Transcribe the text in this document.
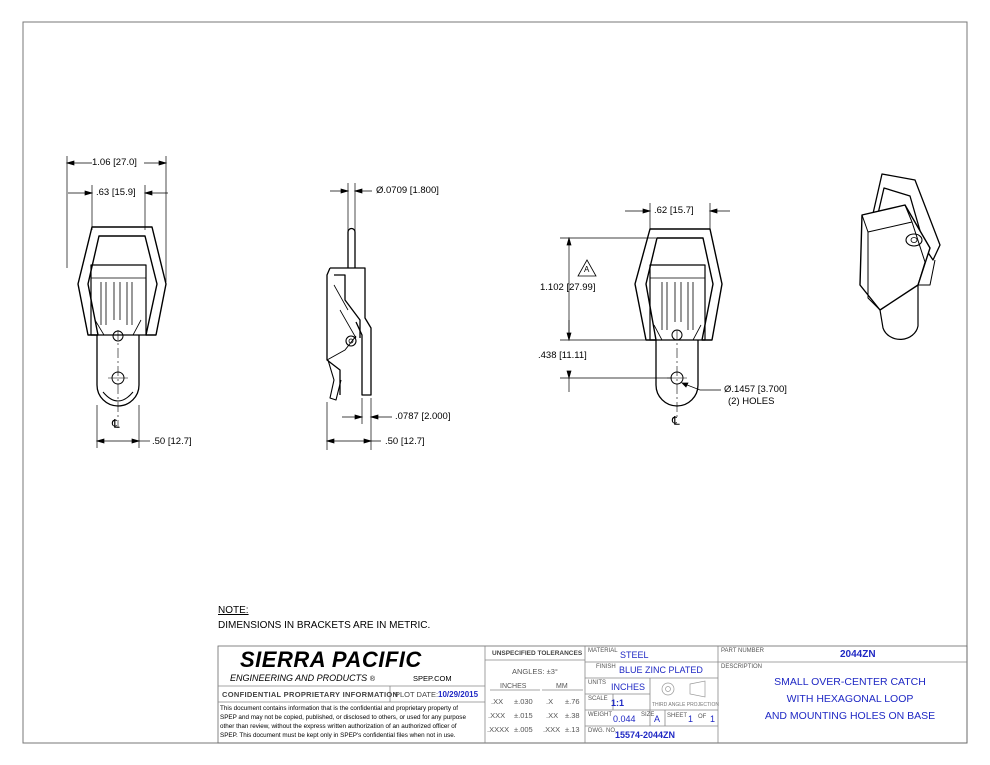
1.06 [27.0]
.63 [15.9]
.50 [12.7]
℄
Ø.0709 [1.800]
.0787 [2.000]
.50 [12.7]
.62 [15.7]
1.102 [27.99]
.438 [11.11]
Ø.1457 [3.700]
(2) HOLES
A
℄
NOTE:
DIMENSIONS IN BRACKETS ARE IN METRIC.
SIERRA PACIFIC
ENGINEERING AND PRODUCTS ®	SPEP.COM
CONFIDENTIAL PROPRIETARY INFORMATION
PLOT DATE: 10/29/2015
This document contains information that is the confidential and proprietary property of
SPEP and may not be copied, published, or disclosed to others, or used for any purpose
other than review, without the express written authorization of an authorized officer of
SPEP. This document must be kept only in SPEP's confidential files when not in use.
UNSPECIFIED TOLERANCES
ANGLES: ±3°
INCHES	MM
.XX ±.030 .X ±.76
.XXX ±.015 .XX ±.38
.XXXX ±.005 .XXX ±.13
MATERIAL STEEL
FINISH BLUE ZINC PLATED
UNITS INCHES
SCALE 1:1	THIRD ANGLE PROJECTION
WEIGHT 0.044 SIZE A SHEET 1 OF 1
DWG. NO.
15574-2044ZN
PART NUMBER	2044ZN
DESCRIPTION
SMALL OVER-CENTER CATCH
WITH HEXAGONAL LOOP
AND MOUNTING HOLES ON BASE
